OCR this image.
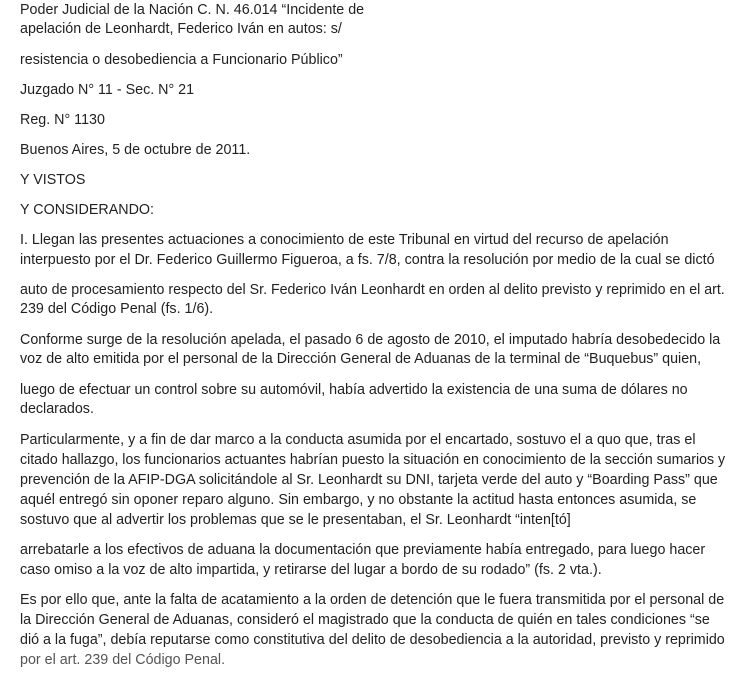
Poder Judicial de la Nación C. N. 46.014 “Incidente de
apelación de Leonhardt, Federico Iván en autos: s/
resistencia o desobediencia a Funcionario Público”
Juzgado N° 11 - Sec. N° 21
Reg. N° 1130
Buenos Aires, 5 de octubre de 2011.
Y VISTOS
Y CONSIDERANDO:
I. Llegan las presentes actuaciones a conocimiento de este Tribunal en virtud del recurso de apelación
interpuesto por el Dr. Federico Guillermo Figueroa, a fs. 7/8, contra la resolución por medio de la cual se dictó
auto de procesamiento respecto del Sr. Federico Iván Leonhardt en orden al delito previsto y reprimido en el art.
239 del Código Penal (fs. 1/6).
Conforme surge de la resolución apelada, el pasado 6 de agosto de 2010, el imputado habría desobedecido la
voz de alto emitida por el personal de la Dirección General de Aduanas de la terminal de “Buquebus” quien,
luego de efectuar un control sobre su automóvil, había advertido la existencia de una suma de dólares no
declarados.
Particularmente, y a fin de dar marco a la conducta asumida por el encartado, sostuvo el a quo que, tras el
citado hallazgo, los funcionarios actuantes habrían puesto la situación en conocimiento de la sección sumarios y
prevención de la AFIP-DGA solicitándole al Sr. Leonhardt su DNI, tarjeta verde del auto y “Boarding Pass” que
aquél entregó sin oponer reparo alguno. Sin embargo, y no obstante la actitud hasta entonces asumida, se
sostuvo que al advertir los problemas que se le presentaban, el Sr. Leonhardt “inten[tó]
arrebatarle a los efectivos de aduana la documentación que previamente había entregado, para luego hacer
caso omiso a la voz de alto impartida, y retirarse del lugar a bordo de su rodado” (fs. 2 vta.).
Es por ello que, ante la falta de acatamiento a la orden de detención que le fuera transmitida por el personal de
la Dirección General de Aduanas, consideró el magistrado que la conducta de quién en tales condiciones “se
dió a la fuga”, debía reputarse como constitutiva del delito de desobediencia a la autoridad, previsto y reprimido
por el art. 239 del Código Penal.
